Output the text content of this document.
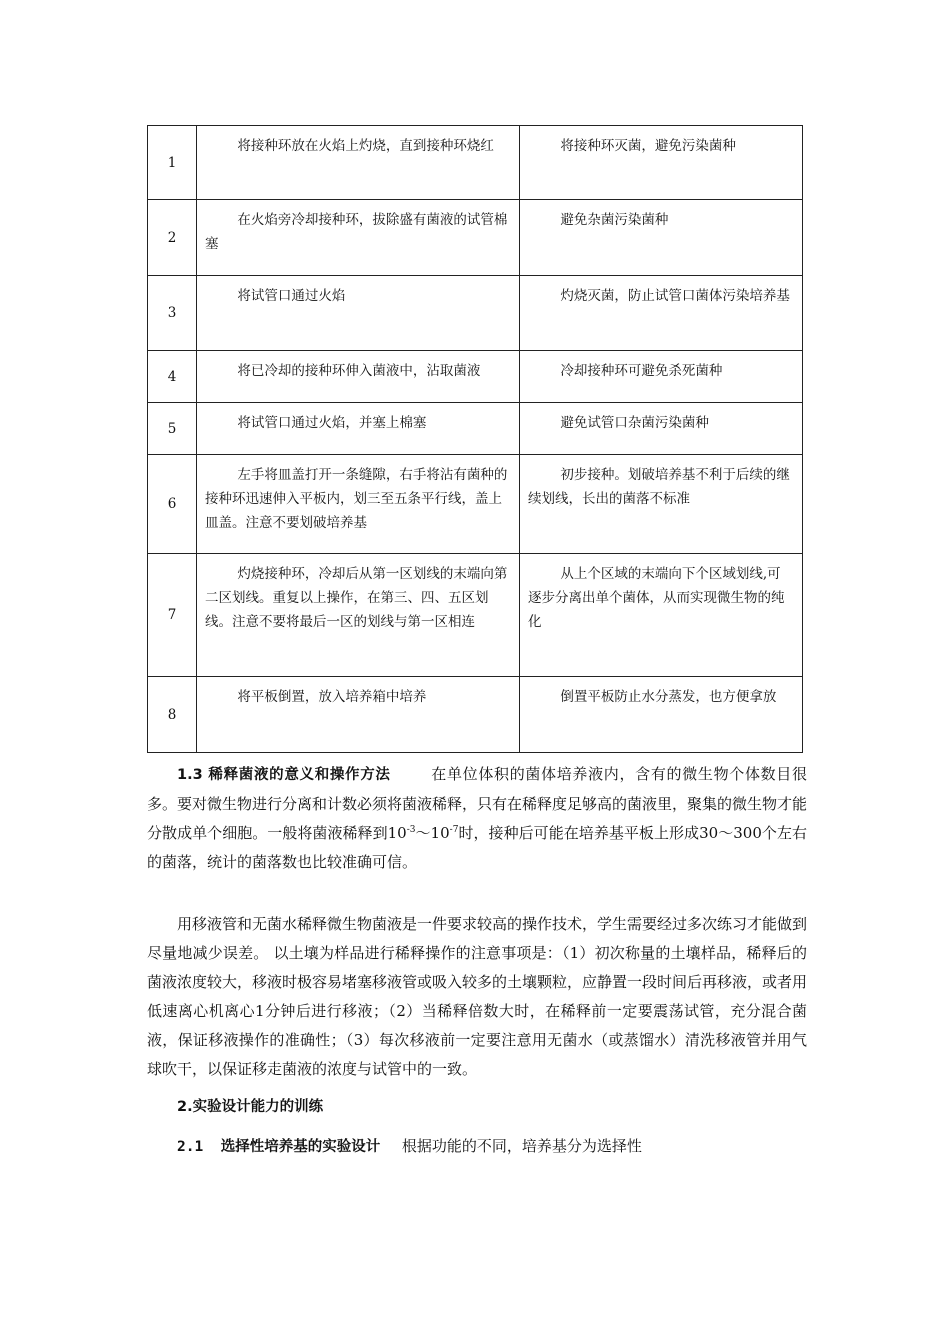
1	将接种环放在火焰上灼烧，直到接种环烧红	将接种环灭菌，避免污染菌种

2	在火焰旁冷却接种环，拔除盛有菌液的试管棉塞	避免杂菌污染菌种

3	将试管口通过火焰	灼烧灭菌，防止试管口菌体污染培养基

4	将已冷却的接种环伸入菌液中，沾取菌液	冷却接种环可避免杀死菌种

5	将试管口通过火焰，并塞上棉塞	避免试管口杂菌污染菌种

6	左手将皿盖打开一条缝隙，右手将沾有菌种的接种环迅速伸入平板内，划三至五条平行线，盖上皿盖。注意不要划破培养基	初步接种。划破培养基不利于后续的继续划线，长出的菌落不标准

7	灼烧接种环，冷却后从第一区划线的末端向第二区划线。重复以上操作，在第三、四、五区划线。注意不要将最后一区的划线与第一区相连	从上个区域的末端向下个区域划线,可逐步分离出单个菌体，从而实现微生物的纯化

8	将平板倒置，放入培养箱中培养	倒置平板防止水分蒸发，也方便拿放

1.3 稀释菌液的意义和操作方法	在单位体积的菌体培养液内，含有的微生物个体数目很多。要对微生物进行分离和计数必须将菌液稀释，只有在稀释度足够高的菌液里，聚集的微生物才能分散成单个细胞。一般将菌液稀释到$10^{-3}\sim 10^{-7}$时，接种后可能在培养基平板上形成30～300个左右的菌落，统计的菌落数也比较准确可信。

用移液管和无菌水稀释微生物菌液是一件要求较高的操作技术，学生需要经过多次练习才能做到尽量地减少误差。 以土壤为样品进行稀释操作的注意事项是：（1）初次称量的土壤样品，稀释后的菌液浓度较大，移液时极容易堵塞移液管或吸入较多的土壤颗粒，应静置一段时间后再移液，或者用低速离心机离心1分钟后进行移液；（2）当稀释倍数大时，在稀释前一定要震荡试管，充分混合菌液，保证移液操作的准确性；（3）每次移液前一定要注意用无菌水（或蒸馏水）清洗移液管并用气球吹干，以保证移走菌液的浓度与试管中的一致。

2.实验设计能力的训练
2.1 选择性培养基的实验设计 根据功能的不同，培养基分为选择性
